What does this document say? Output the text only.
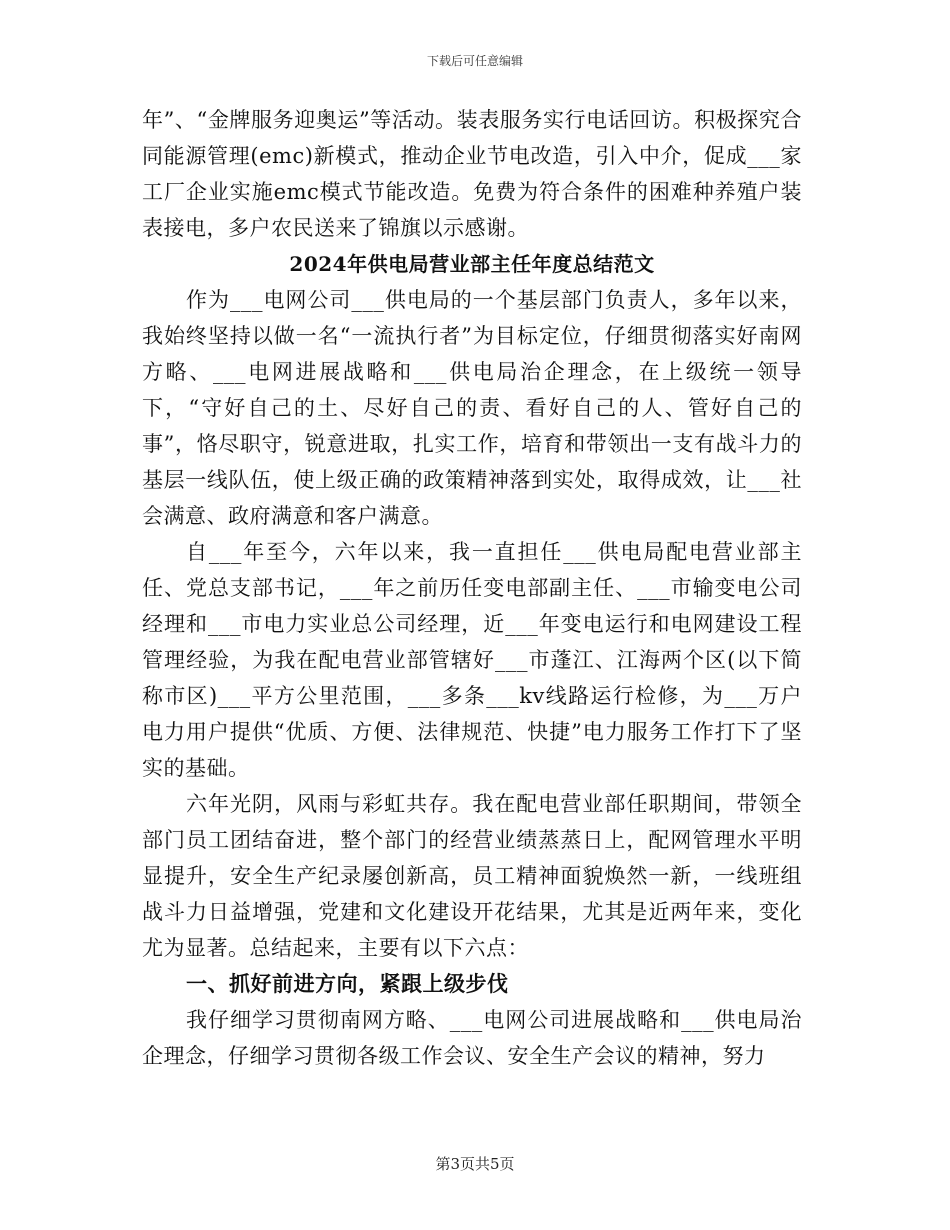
下载后可任意编辑

年”、“金牌服务迎奥运”等活动。装表服务实行电话回访。积极探究合同能源管理(emc)新模式，推动企业节电改造，引入中介，促成___家工厂企业实施emc模式节能改造。免费为符合条件的困难种养殖户装表接电，多户农民送来了锦旗以示感谢。

2024年供电局营业部主任年度总结范文

作为___电网公司___供电局的一个基层部门负责人，多年以来，我始终坚持以做一名“一流执行者”为目标定位，仔细贯彻落实好南网方略、___电网进展战略和___供电局治企理念，在上级统一领导下，“守好自己的土、尽好自己的责、看好自己的人、管好自己的事”，恪尽职守，锐意进取，扎实工作，培育和带领出一支有战斗力的基层一线队伍，使上级正确的政策精神落到实处，取得成效，让___社会满意、政府满意和客户满意。

自___年至今，六年以来，我一直担任___供电局配电营业部主任、党总支部书记，___年之前历任变电部副主任、___市输变电公司经理和___市电力实业总公司经理，近___年变电运行和电网建设工程管理经验，为我在配电营业部管辖好___市蓬江、江海两个区(以下简称市区)___平方公里范围，___多条___kv线路运行检修，为___万户电力用户提供“优质、方便、法律规范、快捷”电力服务工作打下了坚实的基础。

六年光阴，风雨与彩虹共存。我在配电营业部任职期间，带领全部门员工团结奋进，整个部门的经营业绩蒸蒸日上，配网管理水平明显提升，安全生产纪录屡创新高，员工精神面貌焕然一新，一线班组战斗力日益增强，党建和文化建设开花结果，尤其是近两年来，变化尤为显著。总结起来，主要有以下六点：

一、抓好前进方向，紧跟上级步伐

我仔细学习贯彻南网方略、___电网公司进展战略和___供电局治企理念，仔细学习贯彻各级工作会议、安全生产会议的精神，努力

第3页共5页
